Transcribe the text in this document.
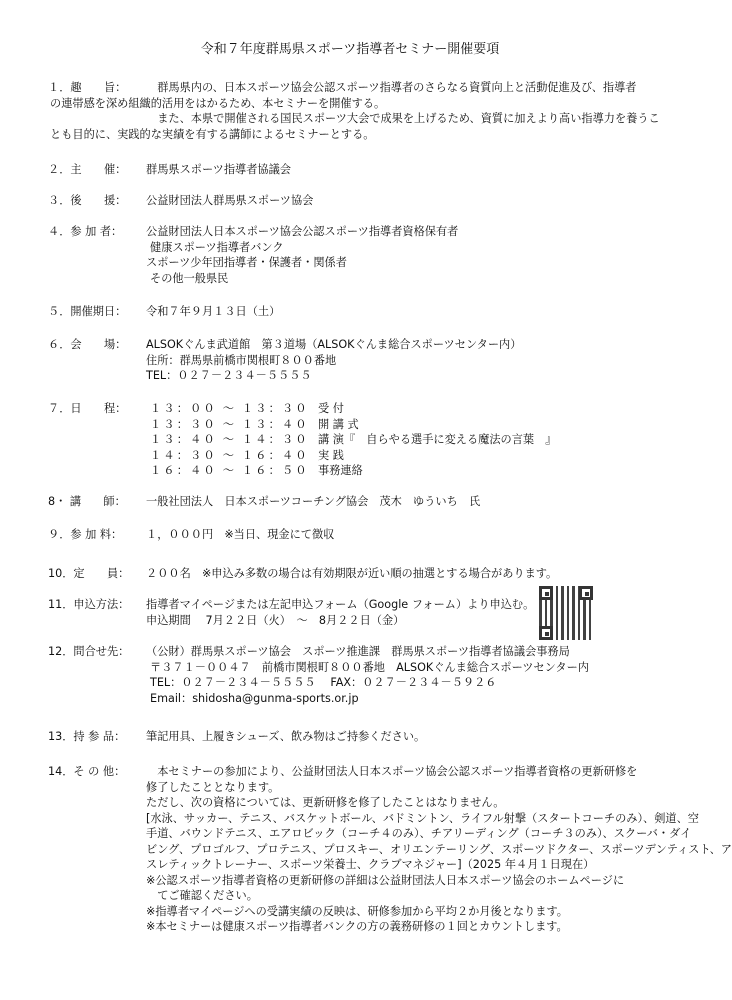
令和７年度群馬県スポーツ指導者セミナー開催要項
１．趣　　旨：	　群馬県内の、日本スポーツ協会公認スポーツ指導者のさらなる資質向上と活動促進及び、指導者
の連帯感を深め組織的活用をはかるため、本セミナーを開催する。
　また、本県で開催される国民スポーツ大会で成果を上げるため、資質に加えより高い指導力を養うこ
とも目的に、実践的な実績を有する講師によるセミナーとする。
２．主　　催：	群馬県スポーツ指導者協議会
３．後　　援：	公益財団法人群馬県スポーツ協会
４．参 加 者：	公益財団法人日本スポーツ協会公認スポーツ指導者資格保有者
健康スポーツ指導者バンク
スポーツ少年団指導者・保護者・関係者
その他一般県民
５．開催期日：	令和７年９月１３日（土）
６．会　　場：	ALSOKぐんま武道館　第３道場（ALSOKぐんま総合スポーツセンター内）
住所：群馬県前橋市関根町８００番地
TEL：０２７－２３４－５５５５
７．日　　程：	１３：００ ～ １３：３０ 受 付
１３：３０ ～ １３：４０ 開 講 式
１３：４０ ～ １４：３０ 講 演『　自らやる選手に変える魔法の言葉　』
１４：３０ ～ １６：４０ 実 践
１６：４０ ～ １６：５０ 事務連絡
8・ 講　　師：	一般社団法人　日本スポーツコーチング協会　茂木　ゆういち　氏
９．参 加 料：	１，０００円　※当日、現金にて徴収
10．定　　員：	２００名　※申込み多数の場合は有効期限が近い順の抽選とする場合があります。
11．申込方法：	指導者マイページまたは左記申込フォーム（Google フォーム）より申込む。
申込期間　 7月２２日（火）　～　8月２２日（金）
12．問合せ先：	（公財）群馬県スポーツ協会　スポーツ推進課　群馬県スポーツ指導者協議会事務局
〒３７１－００４７　前橋市関根町８００番地　ALSOKぐんま総合スポーツセンター内
TEL：０２７－２３４－５５５５　 FAX：０２７－２３４－５９２６
Email：shidosha@gunma-sports.or.jp
13．持 参 品：	筆記用具、上履きシューズ、飲み物はご持参ください。
14．そ の 他：	　本セミナーの参加により、公益財団法人日本スポーツ協会公認スポーツ指導者資格の更新研修を
修了したこととなります。
ただし、次の資格については、更新研修を修了したことはなりません。
[水泳、サッカー、テニス、バスケットボール、バドミントン、ライフル射撃（スタートコーチのみ）、剣道、空
手道、バウンドテニス、エアロビック（コーチ４のみ）、チアリーディング（コーチ３のみ）、スクーバ・ダイ
ビング、プロゴルフ、プロテニス、プロスキー、オリエンテーリング、スポーツドクター、スポーツデンティスト、ア
スレティックトレーナー、スポーツ栄養士、クラブマネジャー]（2025 年４月１日現在）
※公認スポーツ指導者資格の更新研修の詳細は公益財団法人日本スポーツ協会のホームページに
　てご確認ください。
※指導者マイページへの受講実績の反映は、研修参加から平均２か月後となります。
※本セミナーは健康スポーツ指導者バンクの方の義務研修の１回とカウントします。
